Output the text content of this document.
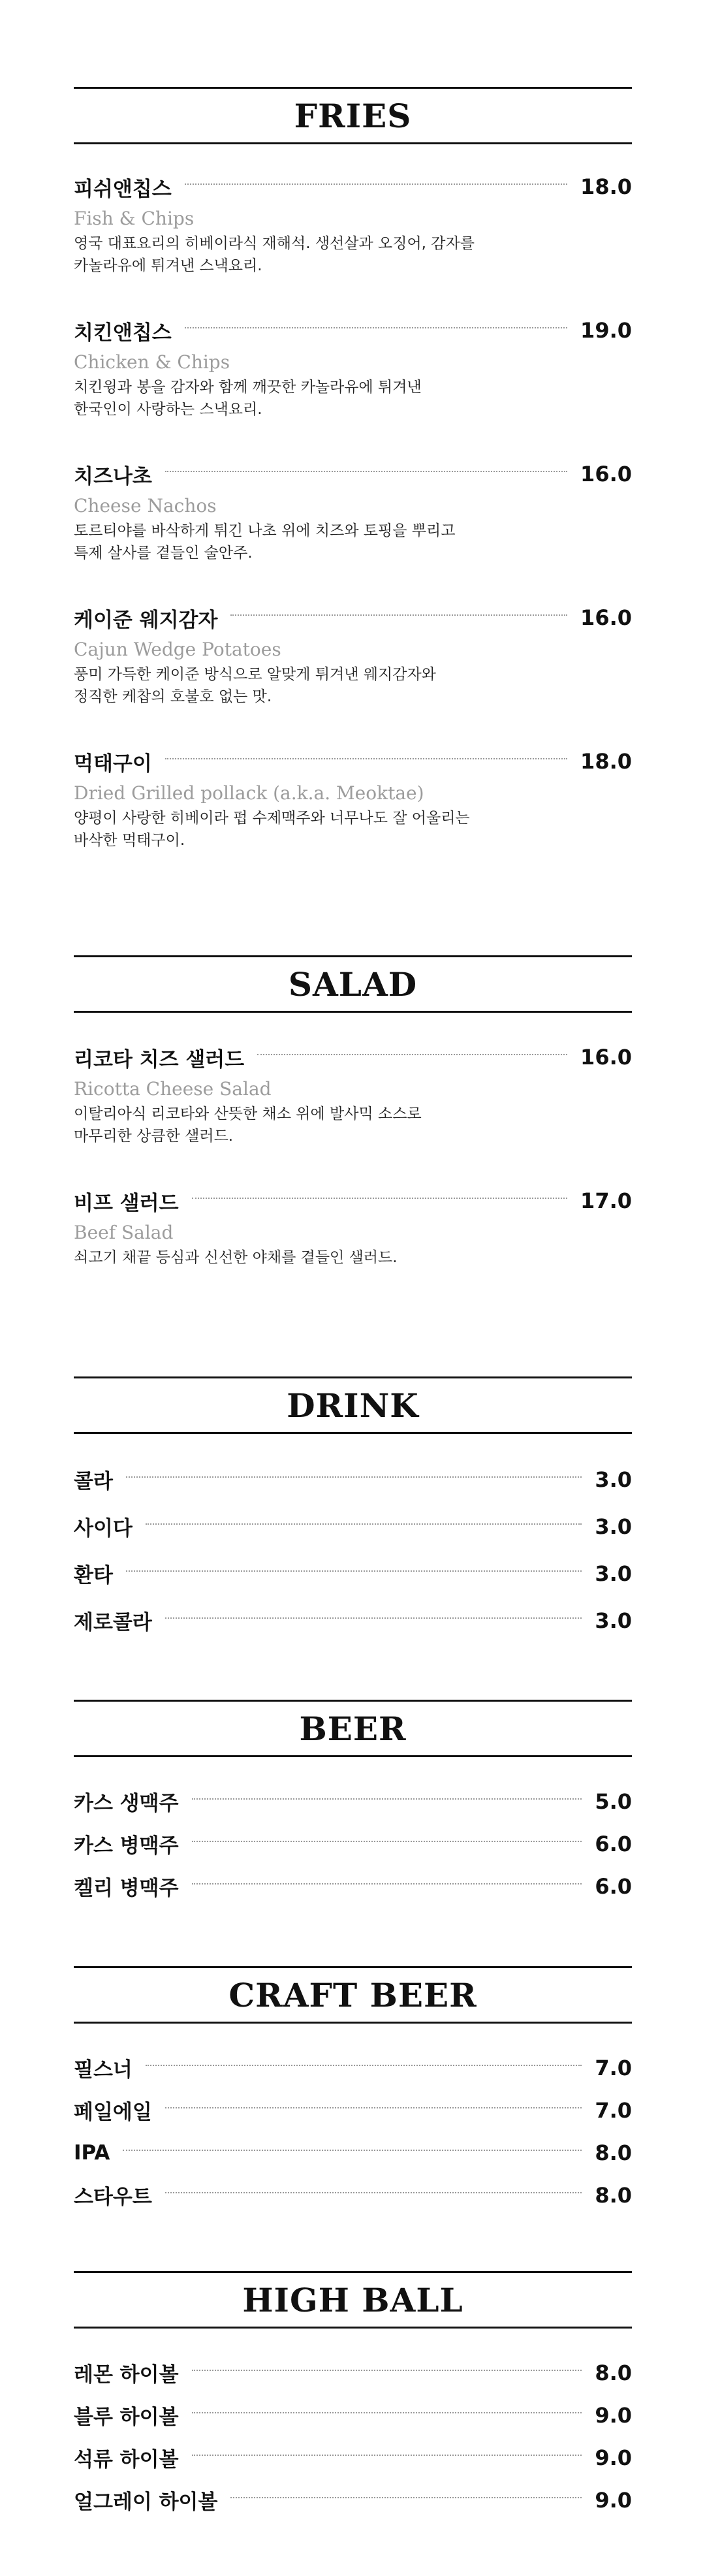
FRIES
피쉬앤칩스	18.0
Fish & Chips
영국 대표요리의 히베이라식 재해석. 생선살과 오징어, 감자를
카놀라유에 튀겨낸 스낵요리.
치킨앤칩스	19.0
Chicken & Chips
치킨윙과 봉을 감자와 함께 깨끗한 카놀라유에 튀겨낸
한국인이 사랑하는 스낵요리.
치즈나초	16.0
Cheese Nachos
토르티야를 바삭하게 튀긴 나초 위에 치즈와 토핑을 뿌리고
특제 살사를 곁들인 술안주.
케이준 웨지감자	16.0
Cajun Wedge Potatoes
풍미 가득한 케이준 방식으로 알맞게 튀겨낸 웨지감자와
정직한 케찹의 호불호 없는 맛.
먹태구이	18.0
Dried Grilled pollack (a.k.a. Meoktae)
양평이 사랑한 히베이라 펍 수제맥주와 너무나도 잘 어울리는
바삭한 먹태구이.
SALAD
리코타 치즈 샐러드	16.0
Ricotta Cheese Salad
이탈리아식 리코타와 산뜻한 채소 위에 발사믹 소스로
마무리한 상큼한 샐러드.
비프 샐러드	17.0
Beef Salad
쇠고기 채끝 등심과 신선한 야채를 곁들인 샐러드.
DRINK
콜라	3.0
사이다	3.0
환타	3.0
제로콜라	3.0
BEER
카스 생맥주	5.0
카스 병맥주	6.0
켈리 병맥주	6.0
CRAFT BEER
필스너	7.0
페일에일	7.0
IPA	8.0
스타우트	8.0
HIGH BALL
레몬 하이볼	8.0
블루 하이볼	9.0
석류 하이볼	9.0
얼그레이 하이볼	9.0
